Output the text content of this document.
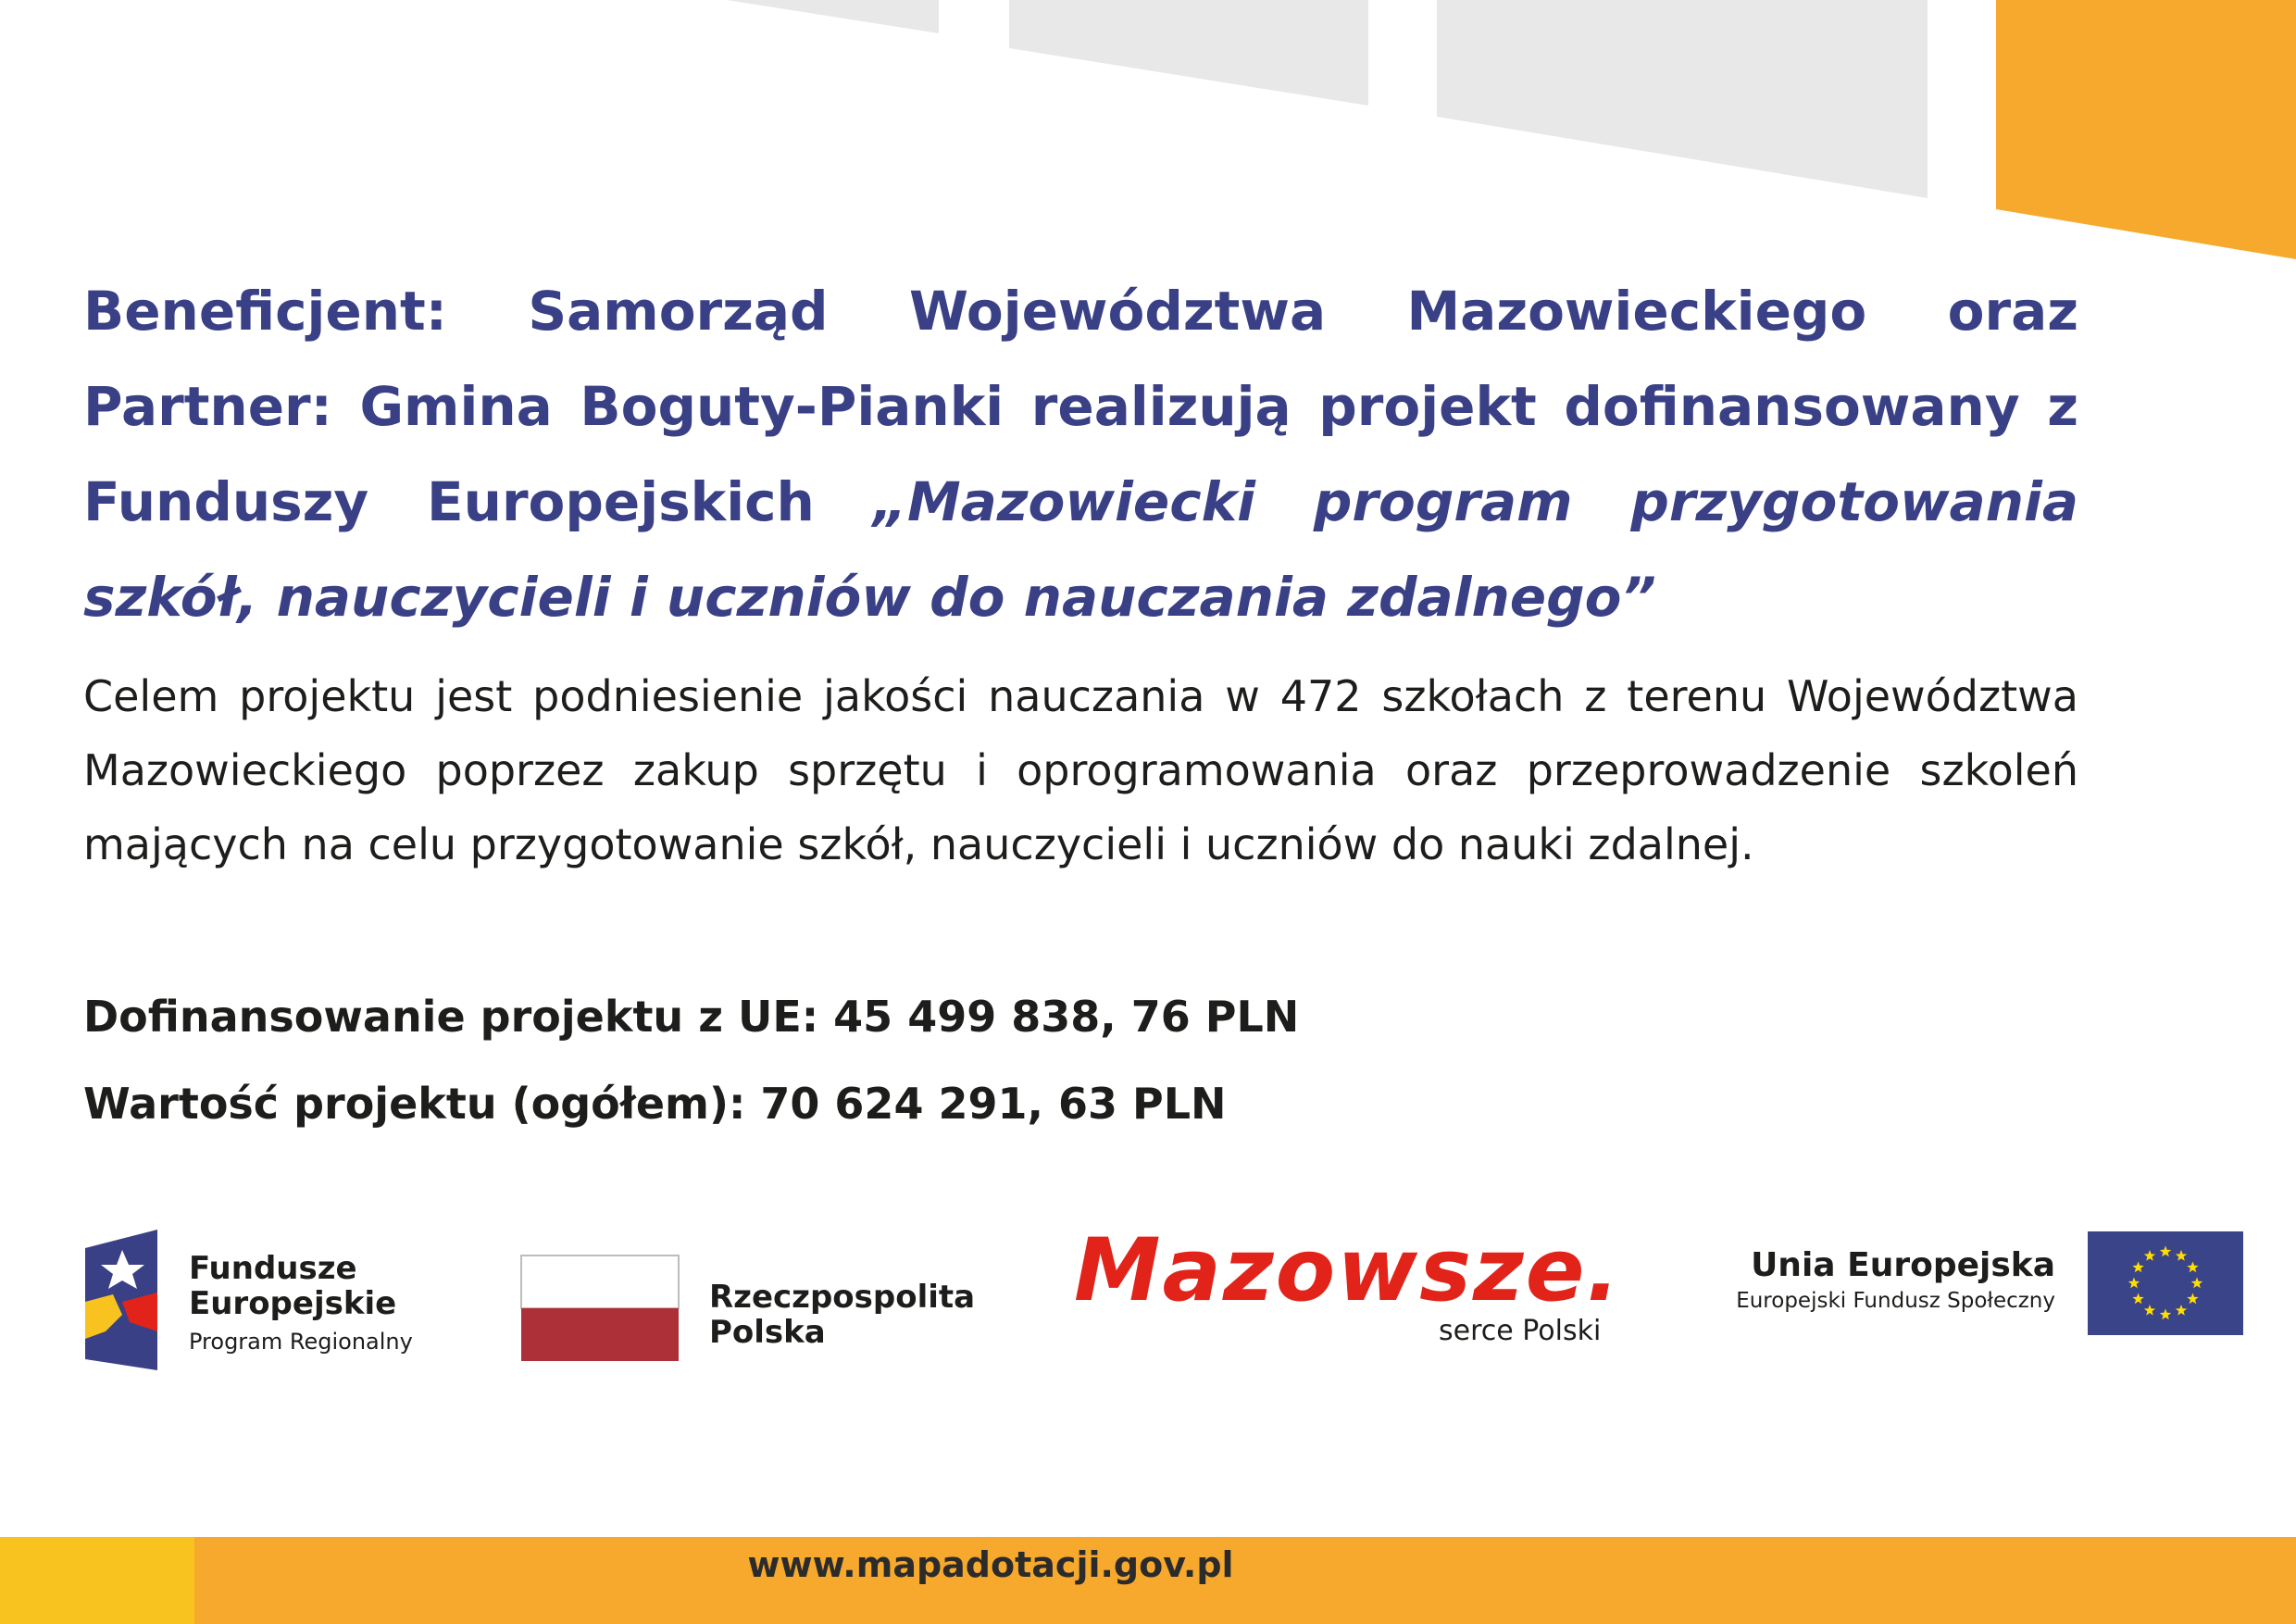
Beneficjent: Samorząd Województwa Mazowieckiego oraz Partner: Gmina Boguty-Pianki realizują projekt dofinansowany z Funduszy Europejskich „Mazowiecki program przygotowania szkół, nauczycieli i uczniów do nauczania zdalnego”

Celem projektu jest podniesienie jakości nauczania w 472 szkołach z terenu Województwa Mazowieckiego poprzez zakup sprzętu i oprogramowania oraz przeprowadzenie szkoleń mających na celu przygotowanie szkół, nauczycieli i uczniów do nauki zdalnej.

Dofinansowanie projektu z UE: 45 499 838, 76 PLN

Wartość projektu (ogółem): 70 624 291, 63 PLN

Fundusze
Europejskie
Program Regionalny
Rzeczpospolita
Polska
Mazowsze.
serce Polski
Unia Europejska
Europejski Fundusz Społeczny
www.mapadotacji.gov.pl
